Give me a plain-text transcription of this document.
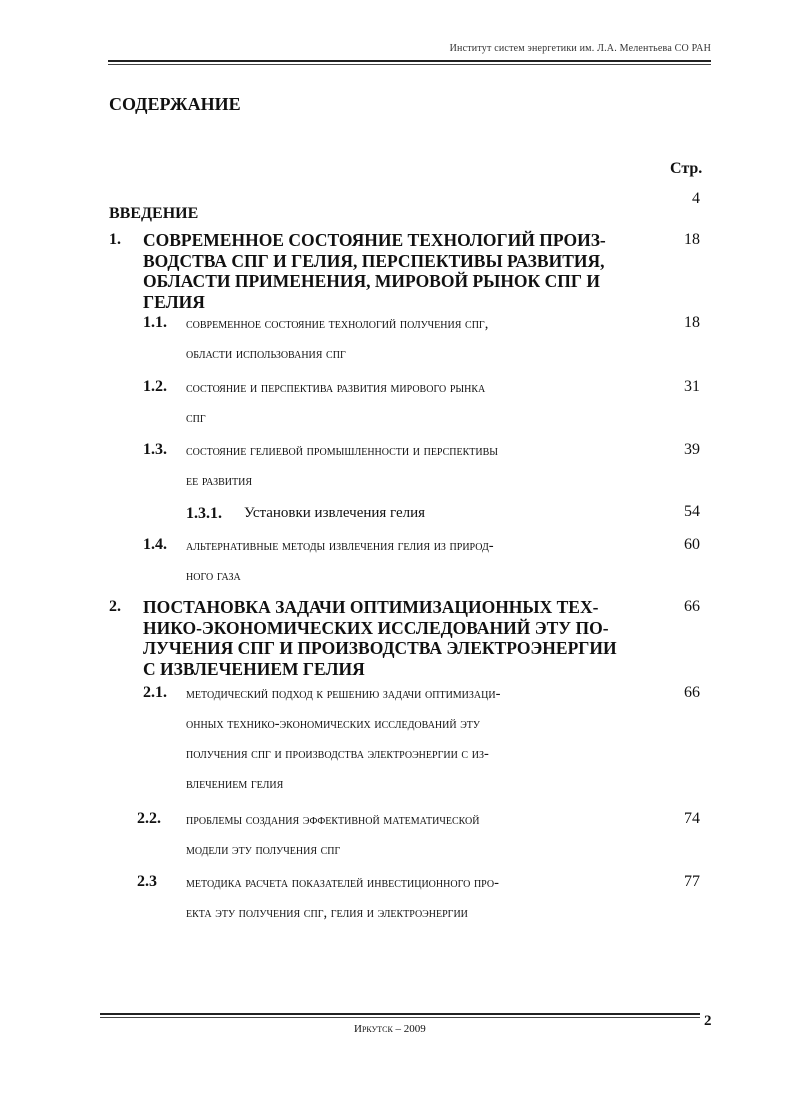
Институт систем энергетики им. Л.А. Мелентьева СО РАН
СОДЕРЖАНИЕ
Стр.
4
ВВЕДЕНИЕ
1. СОВРЕМЕННОЕ СОСТОЯНИЕ ТЕХНОЛОГИЙ ПРОИЗ-
ВОДСТВА СПГ И ГЕЛИЯ, ПЕРСПЕКТИВЫ РАЗВИТИЯ,
ОБЛАСТИ ПРИМЕНЕНИЯ, МИРОВОЙ РЫНОК СПГ И
ГЕЛИЯ
18
1.1. современное состояние технологий получения спг,
области использования спг
18
1.2. состояние и перспектива развития мирового рынка
спг
31
1.3. состояние гелиевой промышленности и перспективы
ее развития
39
1.3.1. Установки извлечения гелия	54
1.4. альтернативные методы извлечения гелия из природ-
ного газа
60
2. ПОСТАНОВКА ЗАДАЧИ ОПТИМИЗАЦИОННЫХ ТЕХ-
НИКО-ЭКОНОМИЧЕСКИХ ИССЛЕДОВАНИЙ ЭТУ ПО-
ЛУЧЕНИЯ СПГ И ПРОИЗВОДСТВА ЭЛЕКТРОЭНЕРГИИ
С ИЗВЛЕЧЕНИЕМ ГЕЛИЯ
66
2.1. методический подход к решению задачи оптимизаци-
онных технико-экономических исследований эту
получения спг и производства электроэнергии с из-
влечением гелия
66
2.2. проблемы создания эффективной математической
модели эту получения спг
74
2.3 методика расчета показателей инвестиционного про-
екта эту получения спг, гелия и электроэнергии
77
Иркутск – 2009	2
